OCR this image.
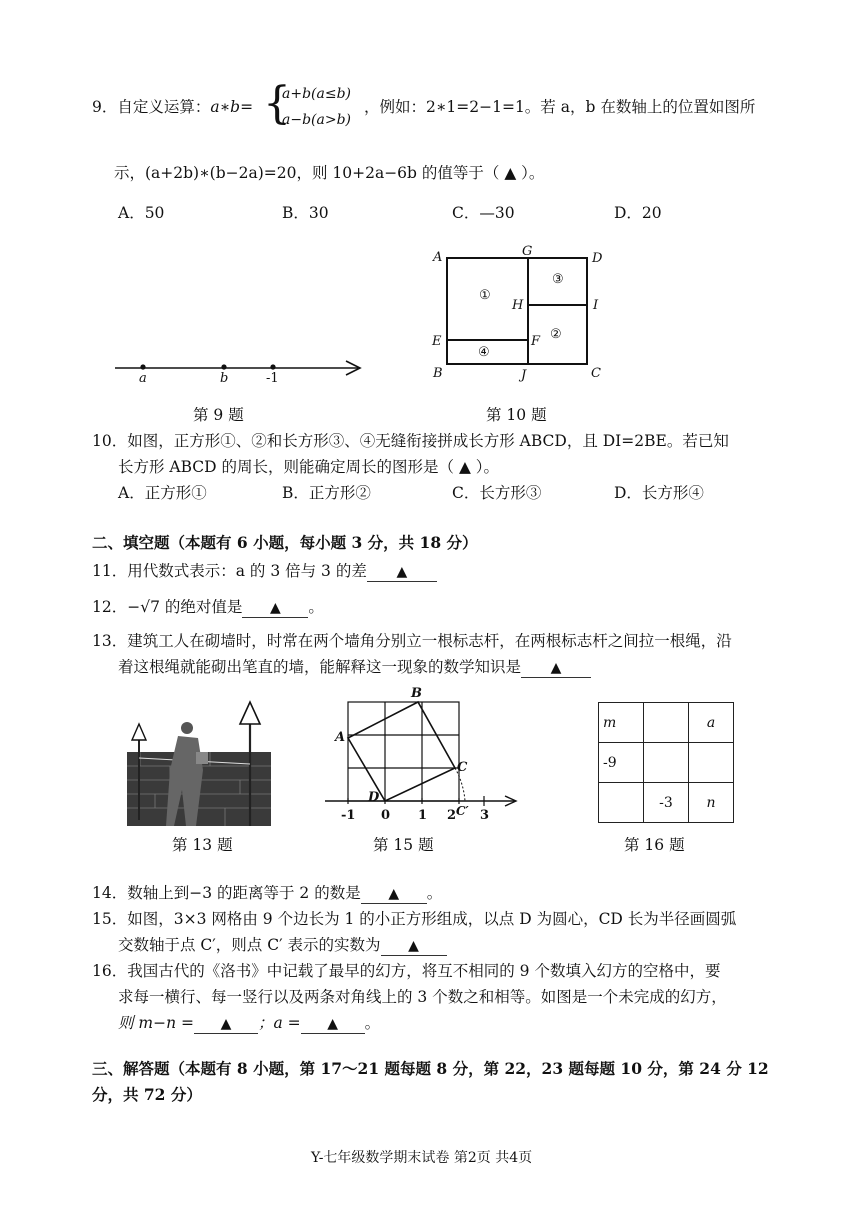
9．自定义运算：a∗b= {
a+b(a≤b)
a−b(a>b)
，例如：2∗1=2−1=1。若 a，b 在数轴上的位置如图所
示，(a+2b)∗(b−2a)=20，则 10+2a−6b 的值等于（ ▲ ）。
A．50	B．30	C．—30	D．20
a	b	-1
第 9 题
A	G	D
H	I
E	F
B	J	C
①
②
③
④
第 10 题
10．如图，正方形①、②和长方形③、④无缝衔接拼成长方形 ABCD，且 DI=2BE。若已知
长方形 ABCD 的周长，则能确定周长的图形是（ ▲ ）。
A．正方形①	B．正方形②	C．长方形③	D．长方形④
二、填空题（本题有 6 小题，每小题 3 分，共 18 分）
11．用代数式表示：a 的 3 倍与 3 的差 ▲
12．−√7 的绝对值是 ▲ 。
13．建筑工人在砌墙时，时常在两个墙角分别立一根标志杆，在两根标志杆之间拉一根绳，沿
着这根绳就能砌出笔直的墙，能解释这一现象的数学知识是 ▲
第 13 题
B
A
C
D
-1 0 1 2 C′ 3
第 15 题
m		a
-9		
	-3	n
第 16 题
14．数轴上到−3 的距离等于 2 的数是 ▲ 。
15．如图，3×3 网格由 9 个边长为 1 的小正方形组成，以点 D 为圆心，CD 长为半径画圆弧
交数轴于点 C′，则点 C′ 表示的实数为 ▲
16．我国古代的《洛书》中记载了最早的幻方，将互不相同的 9 个数填入幻方的空格中，要
求每一横行、每一竖行以及两条对角线上的 3 个数之和相等。如图是一个未完成的幻方，
则 m−n = ▲ ；a = ▲ 。
三、解答题（本题有 8 小题，第 17～21 题每题 8 分，第 22，23 题每题 10 分，第 24 分 12
分，共 72 分）
Y-七年级数学期末试卷 第2页 共4页
